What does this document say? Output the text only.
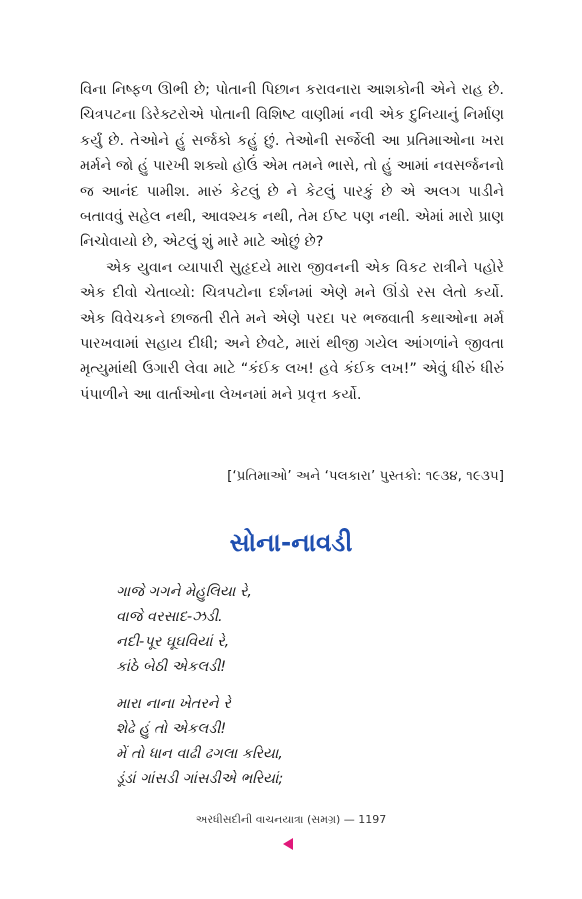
વિના નિષ્ફળ ઊભી છે; પોતાની પિછાન કરાવનારા આશકોની એને રાહ છે. ચિત્રપટના ડિરેક્ટરોએ પોતાની વિશિષ્ટ વાણીમાં નવી એક દુનિયાનું નિર્માણ કર્યું છે. તેઓને હું સર્જકો કહું છું. તેઓની સર્જેલી આ પ્રતિમાઓના ખરા મર્મને જો હું પારખી શક્યો હોઉં એમ તમને ભાસે, તો હું આમાં નવસર્જનનો જ આનંદ પામીશ. મારું કેટલું છે ને કેટલું પારકું છે એ અલગ પાડીને બતાવવું સહેલ નથી, આવશ્યક નથી, તેમ ઈષ્ટ પણ નથી. એમાં મારો પ્રાણ નિચોવાયો છે, એટલું શું મારે માટે ઓછું છે?

એક યુવાન વ્યાપારી સુહૃદયે મારા જીવનની એક વિકટ રાત્રીને પહોરે એક દીવો ચેતાવ્યો: ચિત્રપટોના દર્શનમાં એણે મને ઊંડો રસ લેતો કર્યો. એક વિવેચકને છાજતી રીતે મને એણે પરદા પર ભજવાતી કથાઓના મર્મ પારખવામાં સહાય દીધી; અને છેવટે, મારાં થીજી ગયેલ આંગળાંને જીવતા મૃત્યુમાંથી ઉગારી લેવા માટે “કંઈક લખ! હવે કંઈક લખ!” એવું ધીરું ધીરું પંપાળીને આ વાર્તાઓના લેખનમાં મને પ્રવૃત્ત કર્યો.

[‘પ્રતિમાઓ’ અને ‘પલકારા’ પુસ્તકો: ૧૯૩૪, ૧૯૩૫]
સોના-નાવડી
ગાજે ગગને મેહુલિયા રે,
વાજે વરસાદ-ઝડી.
નદી-પૂર ઘૂઘવિયાં રે,
કાંઠે બેઠી એકલડી!
મારા નાના ખેતરને રે
શેઢે હું તો એકલડી!
મેં તો ધાન વાઢી ઢગલા કરિયા,
ડૂંડાં ગાંસડી ગાંસડીએ ભરિયાં;
અરધીસદીની વાચનયાત્રા (સમગ્ર) — 1197
